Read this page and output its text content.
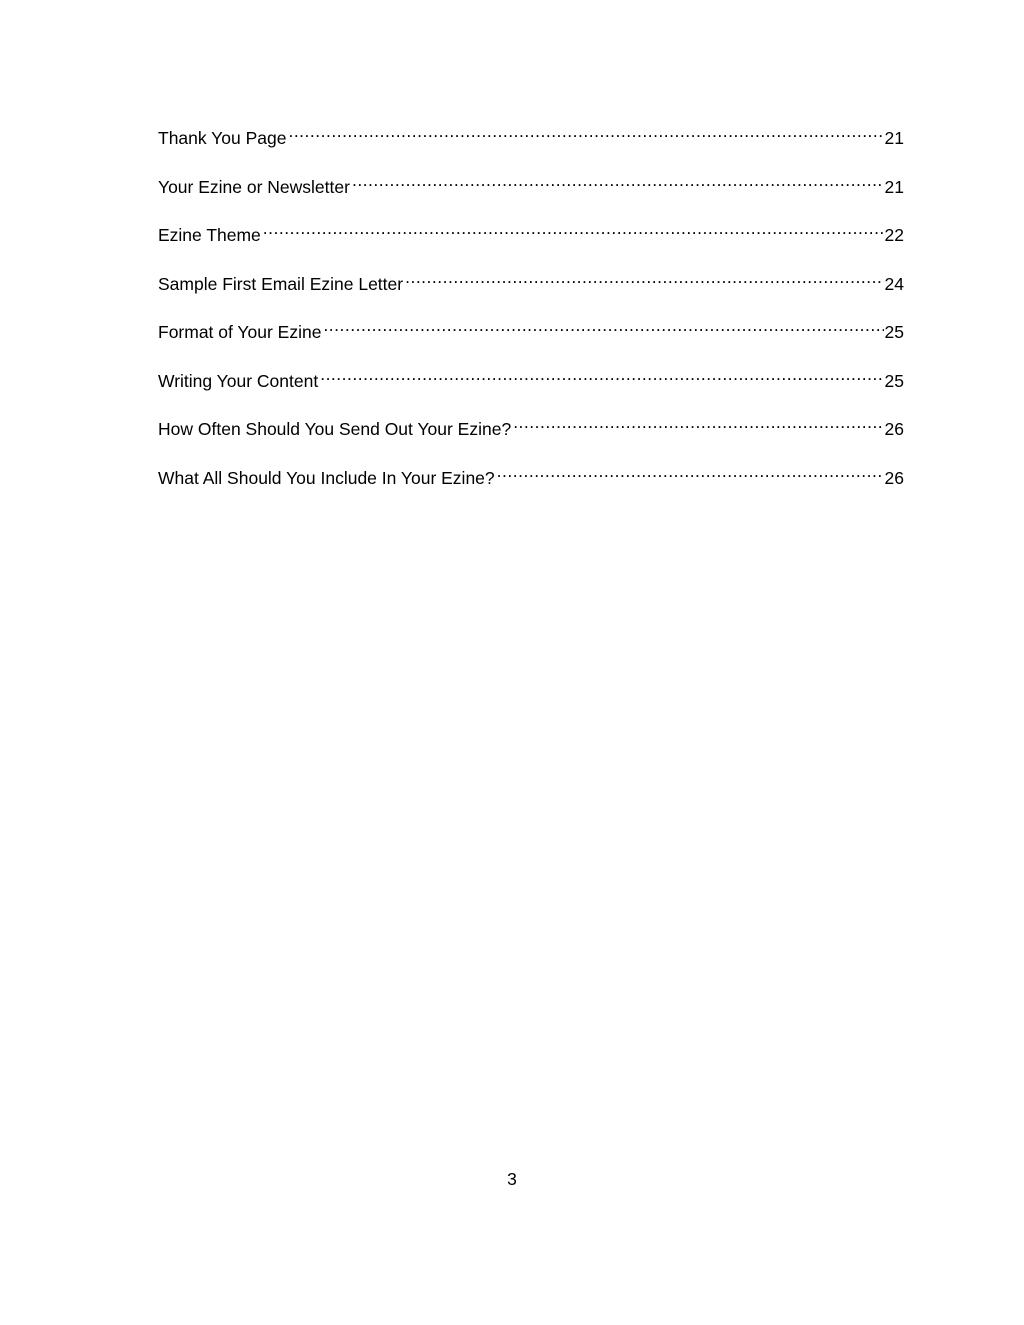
Thank You Page .....	21
Your Ezine or Newsletter .....	21
Ezine Theme .....	22
Sample First Email Ezine Letter .....	24
Format of Your Ezine .....	25
Writing Your Content .....	25
How Often Should You Send Out Your Ezine? .....	26
What All Should You Include In Your Ezine? .....	26
3
